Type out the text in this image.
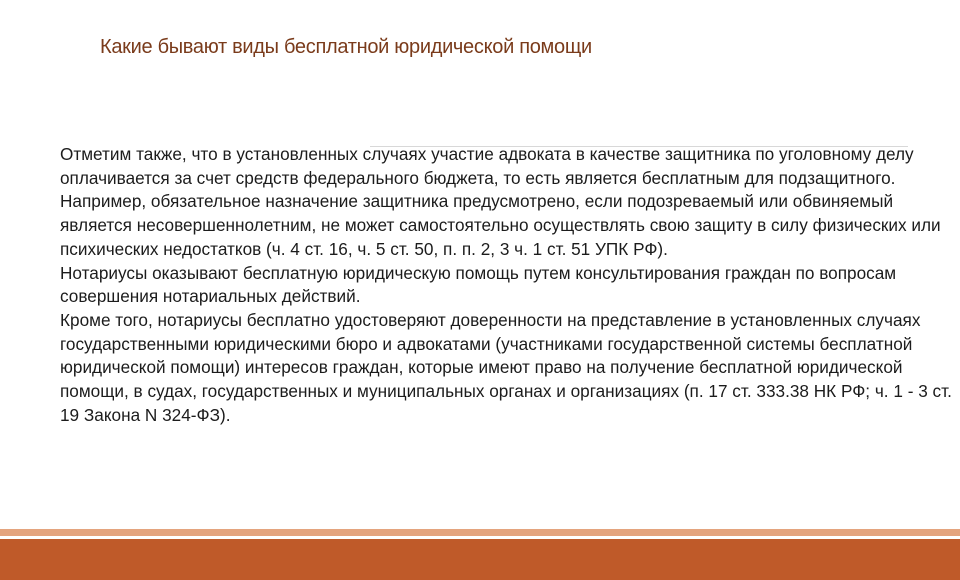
Какие бывают виды бесплатной юридической помощи

Отметим также, что в установленных случаях участие адвоката в качестве защитника по уголовному делу оплачивается за счет средств федерального бюджета, то есть является бесплатным для подзащитного.

Например, обязательное назначение защитника предусмотрено, если подозреваемый или обвиняемый является несовершеннолетним, не может самостоятельно осуществлять свою защиту в силу физических или психических недостатков (ч. 4 ст. 16, ч. 5 ст. 50, п. п. 2, 3 ч. 1 ст. 51 УПК РФ).

Нотариусы оказывают бесплатную юридическую помощь путем консультирования граждан по вопросам совершения нотариальных действий.

Кроме того, нотариусы бесплатно удостоверяют доверенности на представление в установленных случаях государственными юридическими бюро и адвокатами (участниками государственной системы бесплатной юридической помощи) интересов граждан, которые имеют право на получение бесплатной юридической помощи, в судах, государственных и муниципальных органах и организациях (п. 17 ст. 333.38 НК РФ; ч. 1 - 3 ст. 19 Закона N 324-ФЗ).
